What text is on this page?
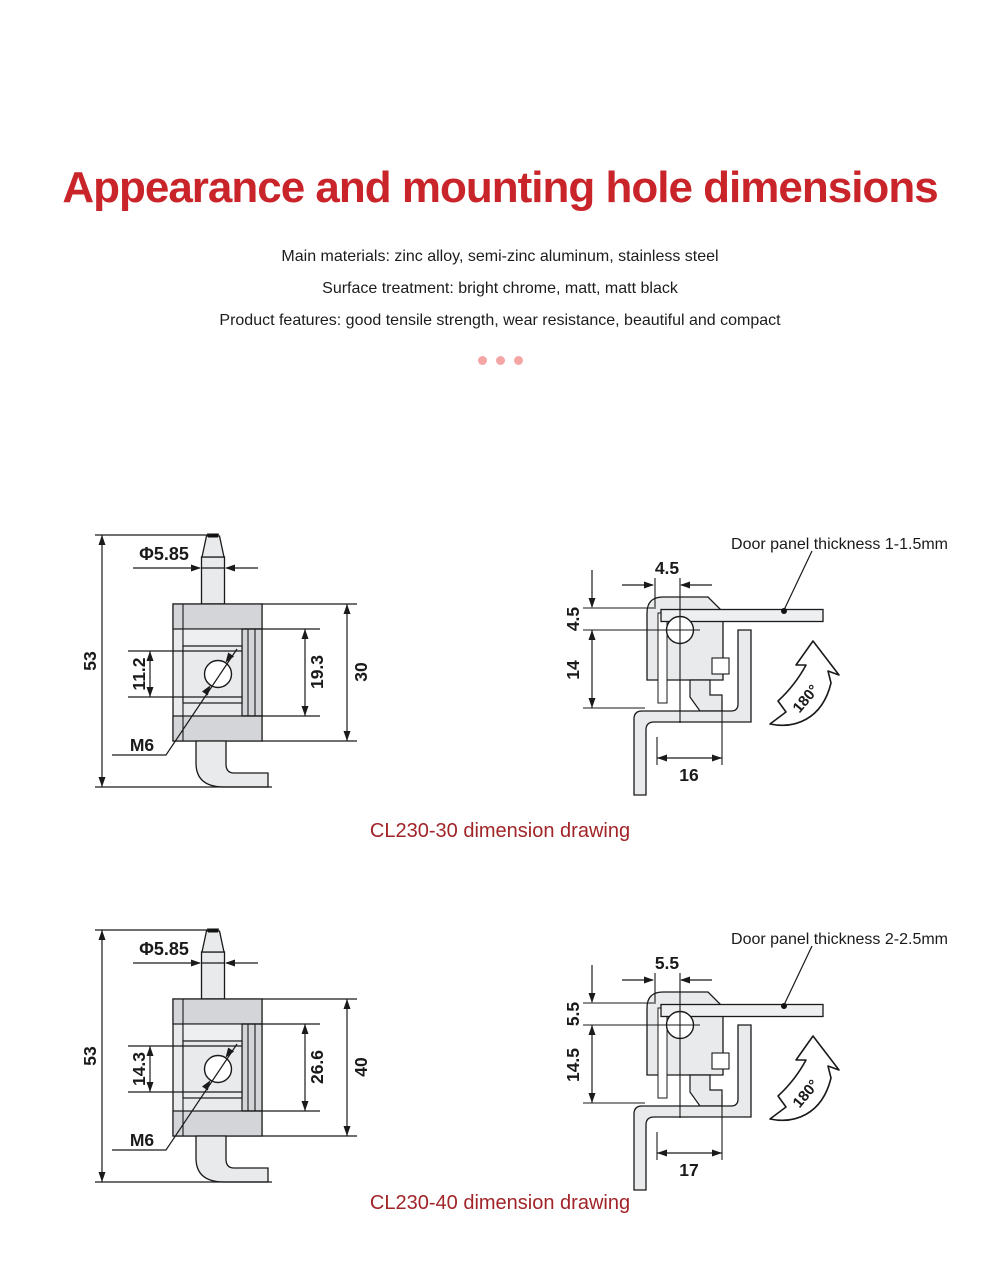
Appearance and mounting hole dimensions
Main materials: zinc alloy, semi-zinc aluminum, stainless steel
Surface treatment: bright chrome, matt, matt black
Product features: good tensile strength, wear resistance, beautiful and compact
Φ5.85
53 11.2	19.3 30
M6
Door panel thickness 1-1.5mm
4.5
4.5
14
16
180°
CL230-30 dimension drawing
Φ5.85
53 14.3	26.6 40
M6
Door panel thickness 2-2.5mm
5.5
5.5
14.5
17
180°
CL230-40 dimension drawing
